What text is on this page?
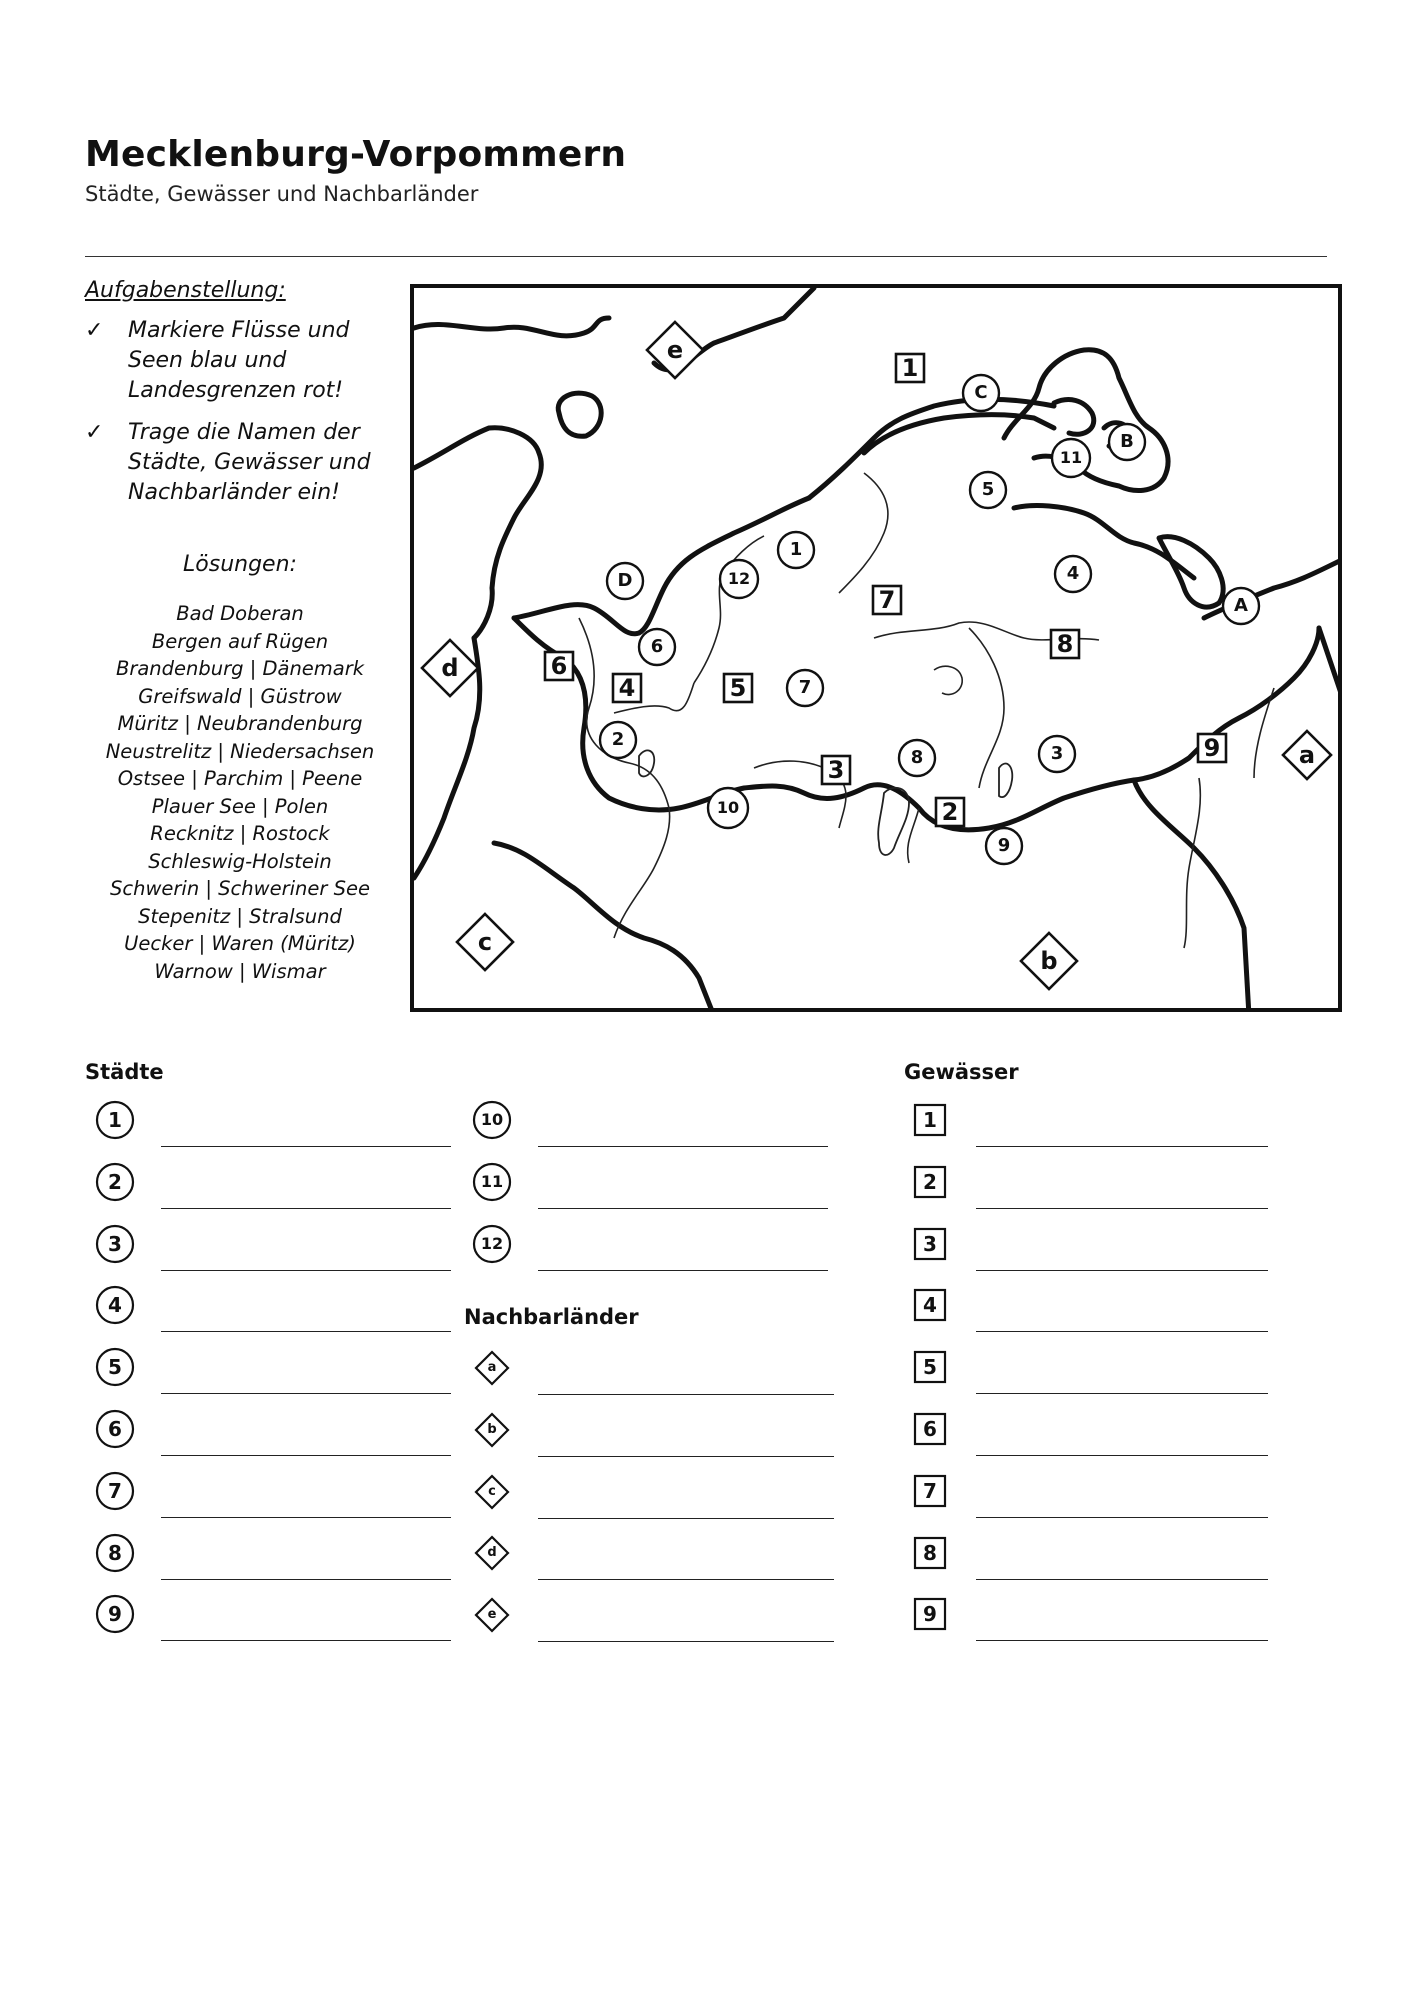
Mecklenburg-Vorpommern
Städte, Gewässer und Nachbarländer
Aufgabenstellung:
✓ Markiere Flüsse und Seen blau und Landesgrenzen rot!
✓ Trage die Namen der Städte, Gewässer und Nachbarländer ein!
Lösungen:
Bad Doberan
Bergen auf Rügen
Brandenburg | Dänemark
Greifswald | Güstrow
Müritz | Neubrandenburg
Neustrelitz | Niedersachsen
Ostsee | Parchim | Peene
Plauer See | Polen
Recknitz | Rostock
Schleswig-Holstein
Schwerin | Schweriner See
Stepenitz | Stralsund
Uecker | Waren (Müritz)
Warnow | Wismar
1
2
3
4
5
6
7
8
9
10
11
12
A
B
C
D
1
2
3
4	5
6
7
8
9	a
b
c
d
e
Städte
Nachbarländer
Gewässer
1
2
3
4
5
6
7
8
9
10
11
12
a
b
c
d
e
1
2
3
4
5
6
7
8
9
